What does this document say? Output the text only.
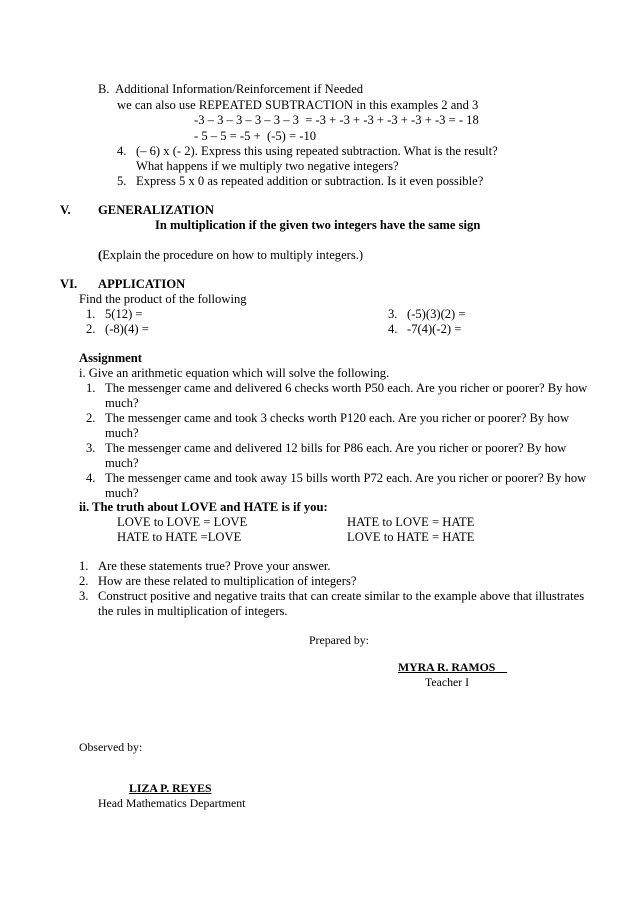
B.  Additional Information/Reinforcement if Needed
we can also use REPEATED SUBTRACTION in this examples 2 and 3
-3 – 3 – 3 – 3 – 3 – 3  = -3 + -3 + -3 + -3 + -3 + -3 = - 18
- 5 – 5 = -5 +  (-5) = -10
4. (– 6) x (- 2). Express this using repeated subtraction. What is the result?
What happens if we multiply two negative integers?
5. Express 5 x 0 as repeated addition or subtraction. Is it even possible?
V. GENERALIZATION
In multiplication if the given two integers have the same sign
(Explain the procedure on how to multiply integers.)
VI. APPLICATION
Find the product of the following
1. 5(12) =
2. (-8)(4) =
3. (-5)(3)(2) =
4. -7(4)(-2) =
Assignment
i. Give an arithmetic equation which will solve the following.
1. The messenger came and delivered 6 checks worth P50 each. Are you richer or poorer? By how
much?
2. The messenger came and took 3 checks worth P120 each. Are you richer or poorer? By how
much?
3. The messenger came and delivered 12 bills for P86 each. Are you richer or poorer? By how
much?
4. The messenger came and took away 15 bills worth P72 each. Are you richer or poorer? By how
much?
ii. The truth about LOVE and HATE is if you:
LOVE to LOVE = LOVE
HATE to HATE =LOVE
HATE to LOVE = HATE
LOVE to HATE = HATE
1. Are these statements true? Prove your answer.
2. How are these related to multiplication of integers?
3. Construct positive and negative traits that can create similar to the example above that illustrates
the rules in multiplication of integers.
Prepared by:
MYRA R. RAMOS
Teacher I
Observed by:
LIZA P. REYES
Head Mathematics Department
